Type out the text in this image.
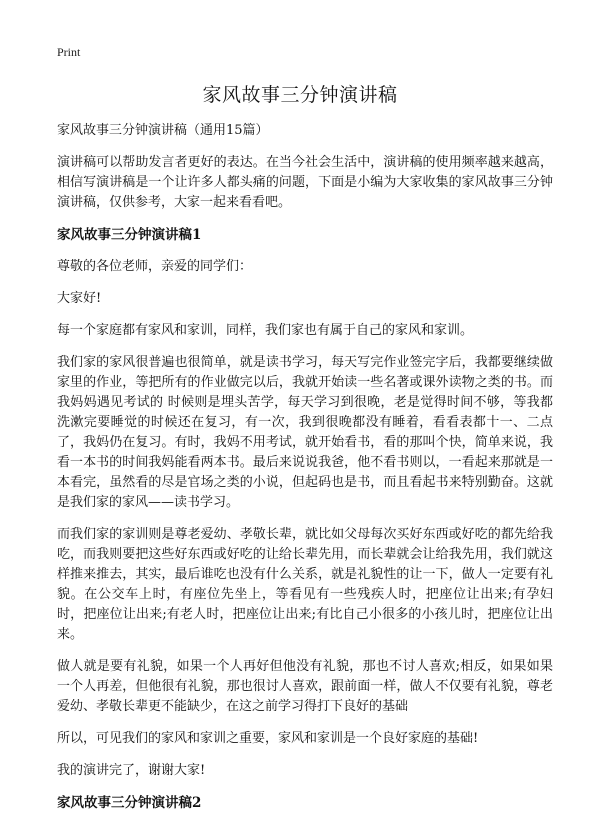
Print
家风故事三分钟演讲稿

家风故事三分钟演讲稿（通用15篇）

演讲稿可以帮助发言者更好的表达。在当今社会生活中，演讲稿的使用频率越来越高，相信写演讲稿是一个让许多人都头痛的问题，下面是小编为大家收集的家风故事三分钟演讲稿，仅供参考，大家一起来看看吧。

家风故事三分钟演讲稿1

尊敬的各位老师，亲爱的同学们：

大家好!

每一个家庭都有家风和家训，同样，我们家也有属于自己的家风和家训。

我们家的家风很普遍也很简单，就是读书学习，每天写完作业签完字后，我都要继续做家里的作业，等把所有的作业做完以后，我就开始读一些名著或课外读物之类的书。而我妈妈遇见考试的 时候则是埋头苦学，每天学习到很晚，老是觉得时间不够，等我都洗漱完要睡觉的时候还在复习，有一次，我到很晚都没有睡着，看看表都十一、二点了，我妈仍在复习。有时，我妈不用考试，就开始看书，看的那叫个快，简单来说，我看一本书的时间我妈能看两本书。最后来说说我爸，他不看书则以，一看起来那就是一本看完，虽然看的尽是官场之类的小说，但起码也是书，而且看起书来特别勤奋。这就是我们家的家风——读书学习。

而我们家的家训则是尊老爱幼、孝敬长辈，就比如父母每次买好东西或好吃的都先给我吃，而我则要把这些好东西或好吃的让给长辈先用，而长辈就会让给我先用，我们就这样推来推去，其实，最后谁吃也没有什么关系，就是礼貌性的让一下，做人一定要有礼貌。在公交车上时，有座位先坐上，等看见有一些残疾人时，把座位让出来;有孕妇时，把座位让出来;有老人时，把座位让出来;有比自己小很多的小孩儿时，把座位让出来。

做人就是要有礼貌，如果一个人再好但他没有礼貌，那也不讨人喜欢;相反，如果如果一个人再差，但他很有礼貌，那也很讨人喜欢，跟前面一样，做人不仅要有礼貌，尊老爱幼、孝敬长辈更不能缺少，在这之前学习得打下良好的基础

所以，可见我们的家风和家训之重要，家风和家训是一个良好家庭的基础!

我的演讲完了，谢谢大家!

家风故事三分钟演讲稿2
